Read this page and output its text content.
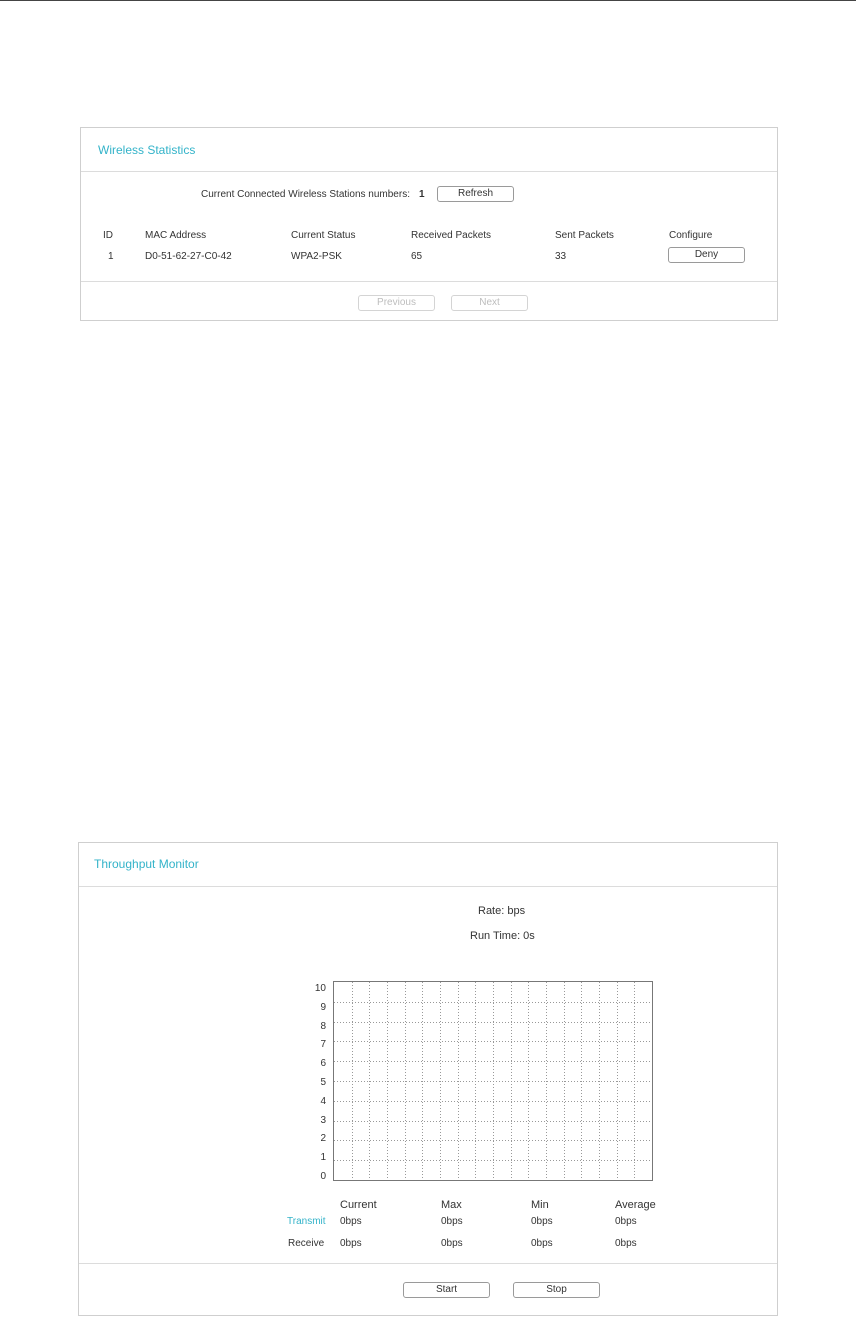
Wireless Statistics
Current Connected Wireless Stations numbers: 1	Refresh
ID	MAC Address	Current Status	Received Packets	Sent Packets	Configure
1	D0-51-62-27-C0-42	WPA2-PSK	65	33	Deny
Previous	Next
Throughput Monitor
Rate: bps
Run Time: 0s
10
9
8
7
6
5
4
3
2
1
0
Current	Max	Min	Average
Transmit 0bps	0bps	0bps	0bps
Receive 0bps	0bps	0bps	0bps
Start	Stop
